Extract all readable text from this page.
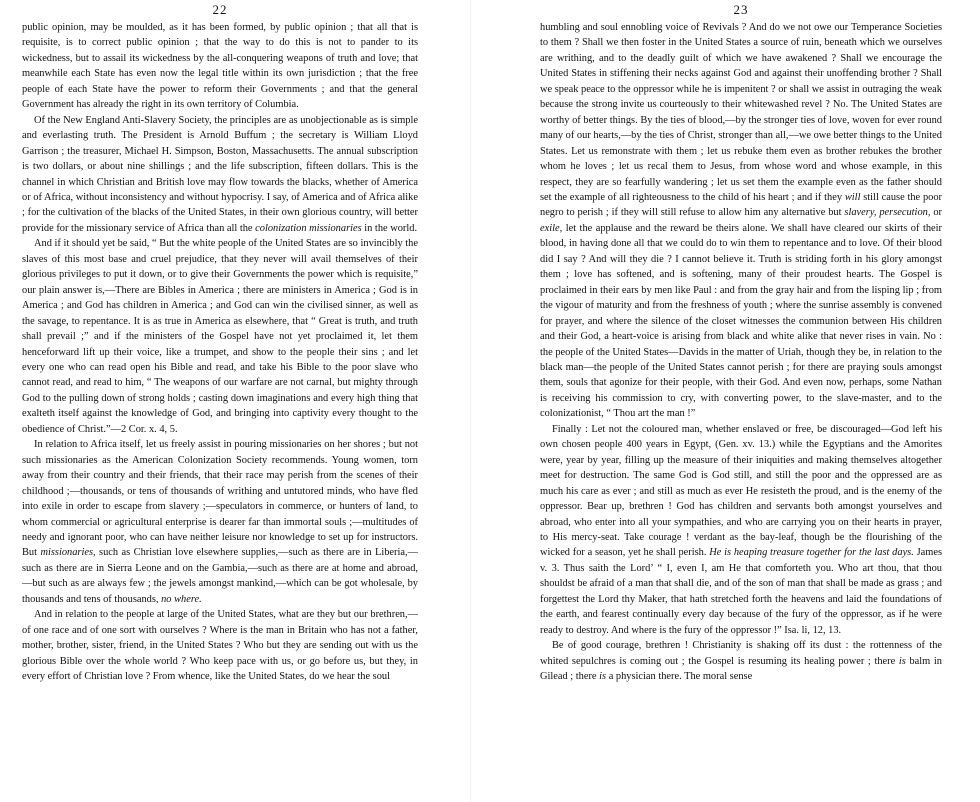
22

public opinion, may be moulded, as it has been formed, by public opinion ; that all that is requisite, is to correct public opinion ; that the way to do this is not to pander to its wickedness, but to assail its wickedness by the all-conquering weapons of truth and love; that meanwhile each State has even now the legal title within its own jurisdiction ; that the free people of each State have the power to reform their Governments ; and that the general Government has already the right in its own territory of Columbia.

Of the New England Anti-Slavery Society, the principles are as unobjectionable as is simple and everlasting truth. The President is Arnold Buffum ; the secretary is William Lloyd Garrison ; the treasurer, Michael H. Simpson, Boston, Massachusetts. The annual subscription is two dollars, or about nine shillings ; and the life subscription, fifteen dollars. This is the channel in which Christian and British love may flow towards the blacks, whether of America or of Africa, without inconsistency and without hypocrisy. I say, of America and of Africa alike ; for the cultivation of the blacks of the United States, in their own glorious country, will better provide for the missionary service of Africa than all the colonization missionaries in the world.

And if it should yet be said, “ But the white people of the United States are so invincibly the slaves of this most base and cruel prejudice, that they never will avail themselves of their glorious privileges to put it down, or to give their Governments the power which is requisite,” our plain answer is,—There are Bibles in America ; there are ministers in America ; God is in America ; and God has children in America ; and God can win the civilised sinner, as well as the savage, to repentance. It is as true in America as elsewhere, that “ Great is truth, and truth shall prevail ;” and if the ministers of the Gospel have not yet proclaimed it, let them henceforward lift up their voice, like a trumpet, and show to the people their sins ; and let every one who can read open his Bible and read, and take his Bible to the poor slave who cannot read, and read to him, “ The weapons of our warfare are not carnal, but mighty through God to the pulling down of strong holds ; casting down imaginations and every high thing that exalteth itself against the knowledge of God, and bringing into captivity every thought to the obedience of Christ.”—2 Cor. x. 4, 5.

In relation to Africa itself, let us freely assist in pouring missionaries on her shores ; but not such missionaries as the American Colonization Society recommends. Young women, torn away from their country and their friends, that their race may perish from the scenes of their childhood ;—thousands, or tens of thousands of writhing and untutored minds, who have fled into exile in order to escape from slavery ;—speculators in commerce, or hunters of land, to whom commercial or agricultural enterprise is dearer far than immortal souls ;—multitudes of needy and ignorant poor, who can have neither leisure nor knowledge to set up for instructors. But missionaries, such as Christian love elsewhere supplies,—such as there are in Liberia,—such as there are in Sierra Leone and on the Gambia,—such as there are at home and abroad,—but such as are always few ; the jewels amongst mankind,—which can be got wholesale, by thousands and tens of thousands, no where.

And in relation to the people at large of the United States, what are they but our brethren,—of one race and of one sort with ourselves ? Where is the man in Britain who has not a father, mother, brother, sister, friend, in the United States ? Who but they are sending out with us the glorious Bible over the whole world ? Who keep pace with us, or go before us, but they, in every effort of Christian love ? From whence, like the United States, do we hear the soul

23

humbling and soul ennobling voice of Revivals ? And do we not owe our Temperance Societies to them ? Shall we then foster in the United States a source of ruin, beneath which we ourselves are writhing, and to the deadly guilt of which we have awakened ? Shall we encourage the United States in stiffening their necks against God and against their unoffending brother ? Shall we speak peace to the oppressor while he is impenitent ? or shall we assist in outraging the weak because the strong invite us courteously to their whitewashed revel ? No. The United States are worthy of better things. By the ties of blood,—by the stronger ties of love, woven for ever round many of our hearts,—by the ties of Christ, stronger than all,—we owe better things to the United States. Let us remonstrate with them ; let us rebuke them even as brother rebukes the brother whom he loves ; let us recal them to Jesus, from whose word and whose example, in this respect, they are so fearfully wandering ; let us set them the example even as the father should set the example of all righteousness to the child of his heart ; and if they will still cause the poor negro to perish ; if they will still refuse to allow him any alternative but slavery, persecution, or exile, let the applause and the reward be theirs alone. We shall have cleared our skirts of their blood, in having done all that we could do to win them to repentance and to love. Of their blood did I say ? And will they die ? I cannot believe it. Truth is striding forth in his glory amongst them ; love has softened, and is softening, many of their proudest hearts. The Gospel is proclaimed in their ears by men like Paul : and from the gray hair and from the lisping lip ; from the vigour of maturity and from the freshness of youth ; where the sunrise assembly is convened for prayer, and where the silence of the closet witnesses the communion between His children and their God, a heart-voice is arising from black and white alike that never rises in vain. No : the people of the United States—Davids in the matter of Uriah, though they be, in relation to the black man—the people of the United States cannot perish ; for there are praying souls amongst them, souls that agonize for their people, with their God. And even now, perhaps, some Nathan is receiving his commission to cry, with converting power, to the slave-master, and to the colonizationist, “ Thou art the man !”

Finally : Let not the coloured man, whether enslaved or free, be discouraged—God left his own chosen people 400 years in Egypt, (Gen. xv. 13.) while the Egyptians and the Amorites were, year by year, filling up the measure of their iniquities and making themselves altogether meet for destruction. The same God is God still, and still the poor and the oppressed are as much his care as ever ; and still as much as ever He resisteth the proud, and is the enemy of the oppressor. Bear up, brethren ! God has children and servants both amongst yourselves and abroad, who enter into all your sympathies, and who are carrying you on their hearts in prayer, to His mercy-seat. Take courage ! verdant as the bay-leaf, though be the flourishing of the wicked for a season, yet he shall perish. He is heaping treasure together for the last days. James v. 3. Thus saith the Lord’ “ I, even I, am He that comforteth you. Who art thou, that thou shouldst be afraid of a man that shall die, and of the son of man that shall be made as grass ; and forgettest the Lord thy Maker, that hath stretched forth the heavens and laid the foundations of the earth, and fearest continually every day because of the fury of the oppressor, as if he were ready to destroy. And where is the fury of the oppressor !” Isa. li, 12, 13.

Be of good courage, brethren ! Christianity is shaking off its dust : the rottenness of the whited sepulchres is coming out ; the Gospel is resuming its healing power ; there is balm in Gilead ; there is a physician there. The moral sense
